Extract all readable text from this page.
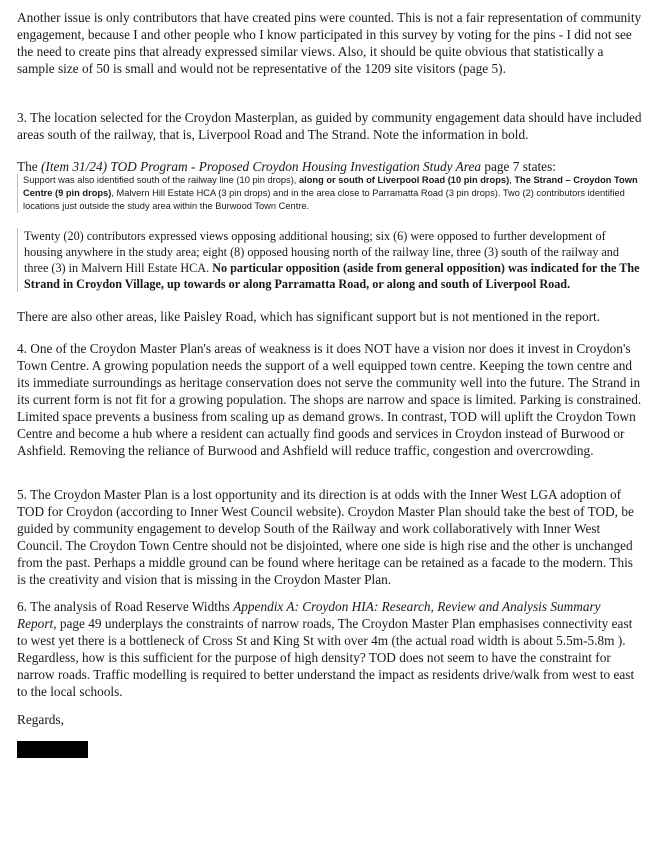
Another issue is only contributors that have created pins were counted. This is not a fair representation of community engagement, because I and other people who I know participated in this survey by voting for the pins - I did not see the need to create pins that already expressed similar views. Also, it should be quite obvious that statistically a sample size of 50 is small and would not be representative of the 1209 site visitors (page 5).

3. The location selected for the Croydon Masterplan, as guided by community engagement data should have included areas south of the railway, that is, Liverpool Road and The Strand. Note the information in bold.

The (Item 31/24) TOD Program - Proposed Croydon Housing Investigation Study Area page 7 states:

Support was also identified south of the railway line (10 pin drops), along or south of Liverpool Road (10 pin drops), The Strand – Croydon Town Centre (9 pin drops), Malvern Hill Estate HCA (3 pin drops) and in the area close to Parramatta Road (3 pin drops). Two (2) contributors identified locations just outside the study area within the Burwood Town Centre.
Twenty (20) contributors expressed views opposing additional housing; six (6) were opposed to further development of housing anywhere in the study area; eight (8) opposed housing north of the railway line, three (3) south of the railway and three (3) in Malvern Hill Estate HCA. No particular opposition (aside from general opposition) was indicated for the The Strand in Croydon Village, up towards or along Parramatta Road, or along and south of Liverpool Road.

There are also other areas, like Paisley Road, which has significant support but is not mentioned in the report.

4. One of the Croydon Master Plan's areas of weakness is it does NOT have a vision nor does it invest in Croydon's Town Centre. A growing population needs the support of a well equipped town centre. Keeping the town centre and its immediate surroundings as heritage conservation does not serve the community well into the future. The Strand in its current form is not fit for a growing population. The shops are narrow and space is limited. Parking is constrained. Limited space prevents a business from scaling up as demand grows. In contrast, TOD will uplift the Croydon Town Centre and become a hub where a resident can actually find goods and services in Croydon instead of Burwood or Ashfield. Removing the reliance of Burwood and Ashfield will reduce traffic, congestion and overcrowding.

5. The Croydon Master Plan is a lost opportunity and its direction is at odds with the Inner West LGA adoption of TOD for Croydon (according to Inner West Council website). Croydon Master Plan should take the best of TOD, be guided by community engagement to develop South of the Railway and work collaboratively with Inner West Council. The Croydon Town Centre should not be disjointed, where one side is high rise and the other is unchanged from the past. Perhaps a middle ground can be found where heritage can be retained as a facade to the modern. This is the creativity and vision that is missing in the Croydon Master Plan.

6. The analysis of Road Reserve Widths Appendix A: Croydon HIA: Research, Review and Analysis Summary Report, page 49 underplays the constraints of narrow roads, The Croydon Master Plan emphasises connectivity east to west yet there is a bottleneck of Cross St and King St with over 4m (the actual road width is about 5.5m-5.8m ). Regardless, how is this sufficient for the purpose of high density? TOD does not seem to have the constraint for narrow roads. Traffic modelling is required to better understand the impact as residents drive/walk from west to east to the local schools.

Regards,
